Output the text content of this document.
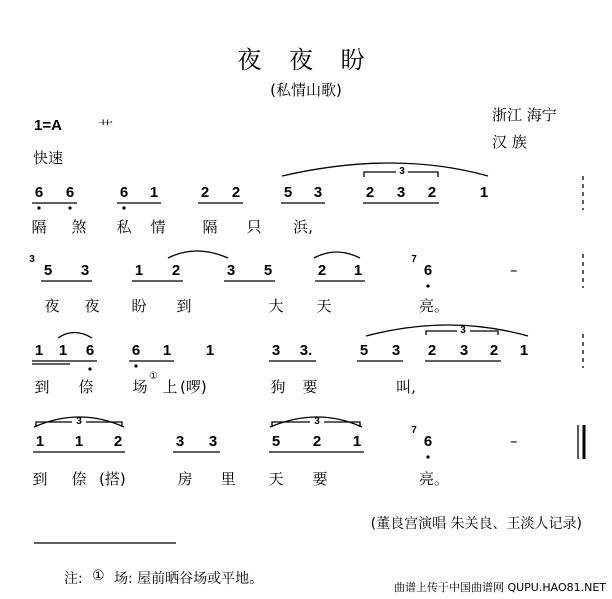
夜 夜 盼
(私情山歌)
1=A 艹
快速
浙江 海宁
汉 族
6 6	6 1	2 2	5 3	2 3 2	1
3
隔 煞 私 情 隔 只 浜,
3
5 3	1 2	3 5	2 1
7
6	–
夜 夜 盼 到	大 天	亮。
1 1 6	6 1 1	3 3.	5 3 2 3 2 1
3
到 倷	场
①
上 (啰)	狗 要	叫,
1 1 2	3 3	5 2 1
7
6	–
3	3
到 倷 (搭)	房 里 天 要	亮。
(董良宫演唱 朱关良、王淡人记录)
注: ① 场: 屋前晒谷场或平地。
曲谱上传于中国曲谱网 QUPU.HAO81.NET
